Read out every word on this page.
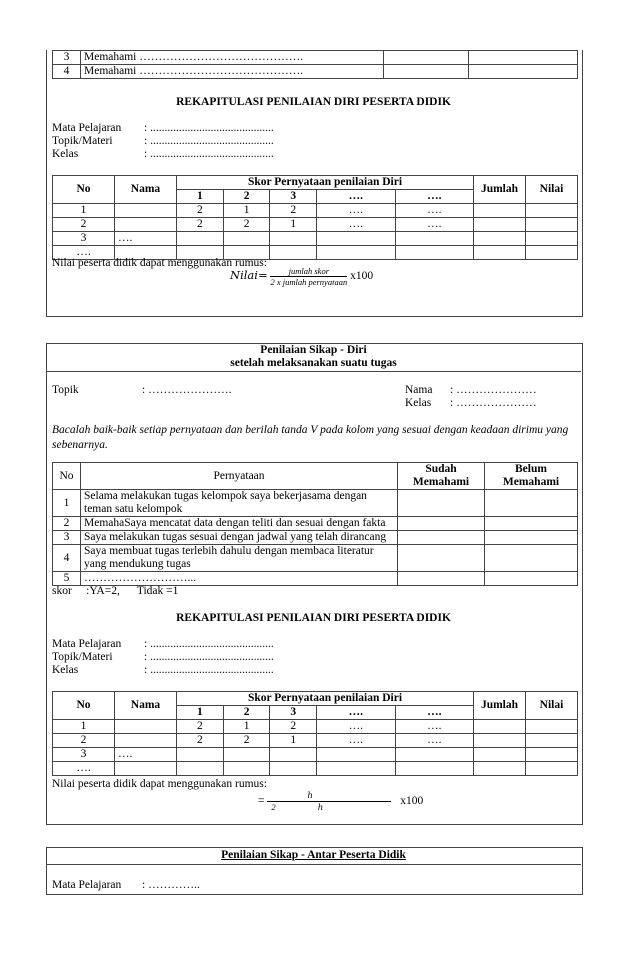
3	Memahami …………………………………….		
4	Memahami …………………………………….		
REKAPITULASI PENILAIAN DIRI PESERTA DIDIK
Mata Pelajaran : ...........................................
Topik/Materi	: ...........................................
Kelas	: ...........................................
No	Nama	Skor Pernyataan penilaian Diri					Jumlah	Nilai
		1	2	3	….	….		
1		2	1	2	….	….		
2		2	2	1	….	….		
3	….							
….								
Nilai peserta didik dapat menggunakan rumus:
Nilai= $\frac{\text{jumlah skor}}{\text{2 x jumlah pernyataan}} x100$
Penilaian Sikap - Diri
setelah melaksanakan suatu tugas
Topik	: ………………….	Nama : …………………
Kelas : …………………
Bacalah baik-baik setiap pernyataan dan berilah tanda V pada kolom yang sesuai dengan keadaan dirimu yang sebenarnya.
No	Pernyataan	Sudah Memahami	Belum Memahami
1	Selama melakukan tugas kelompok saya bekerjasama dengan teman satu kelompok		
2	MemahaSaya mencatat data dengan teliti dan sesuai dengan fakta		
3	Saya melakukan tugas sesuai dengan jadwal yang telah dirancang		
4	Saya membuat tugas terlebih dahulu dengan membaca literatur yang mendukung tugas		
5	………………………...		
skor     :YA=2,      Tidak =1
REKAPITULASI PENILAIAN DIRI PESERTA DIDIK
Mata Pelajaran : ...........................................
Topik/Materi	: ...........................................
Kelas	: ...........................................
No	Nama	Skor Pernyataan penilaian Diri					Jumlah	Nilai
		1	2	3	….	….		
1		2	1	2	….	….		
2		2	2	1	….	….		
3	….							
….								
Nilai peserta didik dapat menggunakan rumus:
= ℎ
2	ℎ x100
Penilaian Sikap - Antar Peserta Didik
Mata Pelajaran : …………..
